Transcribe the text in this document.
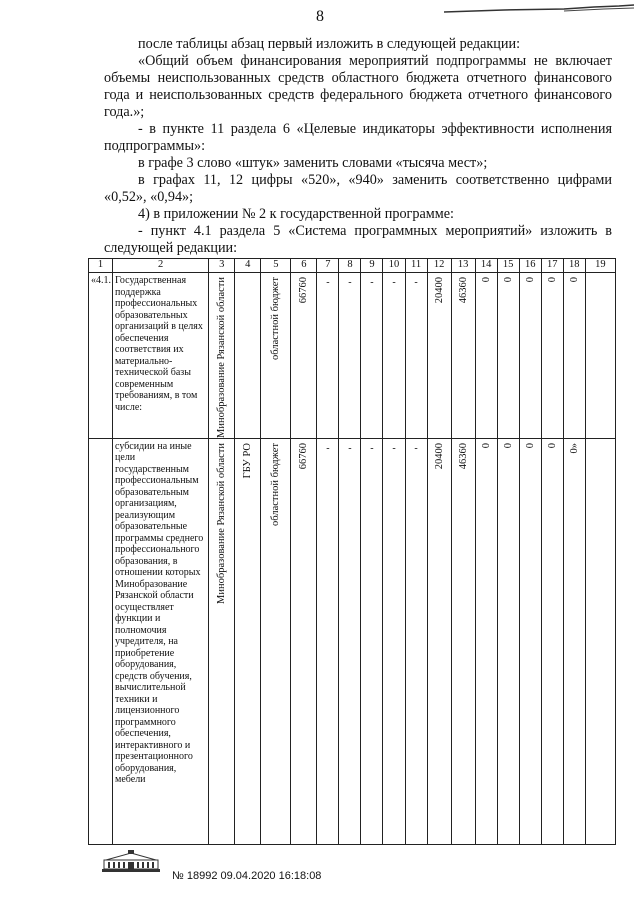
8

после таблицы абзац первый изложить в следующей редакции:

«Общий объем финансирования мероприятий подпрограммы не включает объемы неиспользованных средств областного бюджета отчетного финансового года и неиспользованных средств федерального бюджета отчетного финансового года.»;

- в пункте 11 раздела 6 «Целевые индикаторы эффективности исполнения подпрограммы»:

в графе 3 слово «штук» заменить словами «тысяча мест»;

в графах 11, 12 цифры «520», «940» заменить соответственно цифрами «0,52», «0,94»;

4) в приложении № 2 к государственной программе:

- пункт 4.1 раздела 5 «Система программных мероприятий» изложить в следующей редакции:

1	2	3	4	5	6	7	8	9	10	11	12	13	14	15	16	17	18	19
«4.1.	Государственная поддержка профессиональных образовательных организаций в целях обеспечения соответствия их материально-технической базы современным требованиям, в том числе:	Минобразование Рязанской области		областной бюджет	66760	-	-	-	-	-	20400	46360	0	0	0	0	0	

	субсидии на иные цели государственным профессиональным образовательным организациям, реализующим образовательные программы среднего профессионального образования, в отношении которых Минобразование Рязанской области осуществляет функции и полномочия учредителя, на приобретение оборудования, средств обучения, вычислительной техники и лицензионного программного обеспечения, интерактивного и презентационного оборудования, мебели	Минобразование Рязанской области	ГБУ РО	областной бюджет	66760	-	-	-	-	-	20400	46360	0	0	0	0	0»	

№ 18992 09.04.2020 16:18:08
